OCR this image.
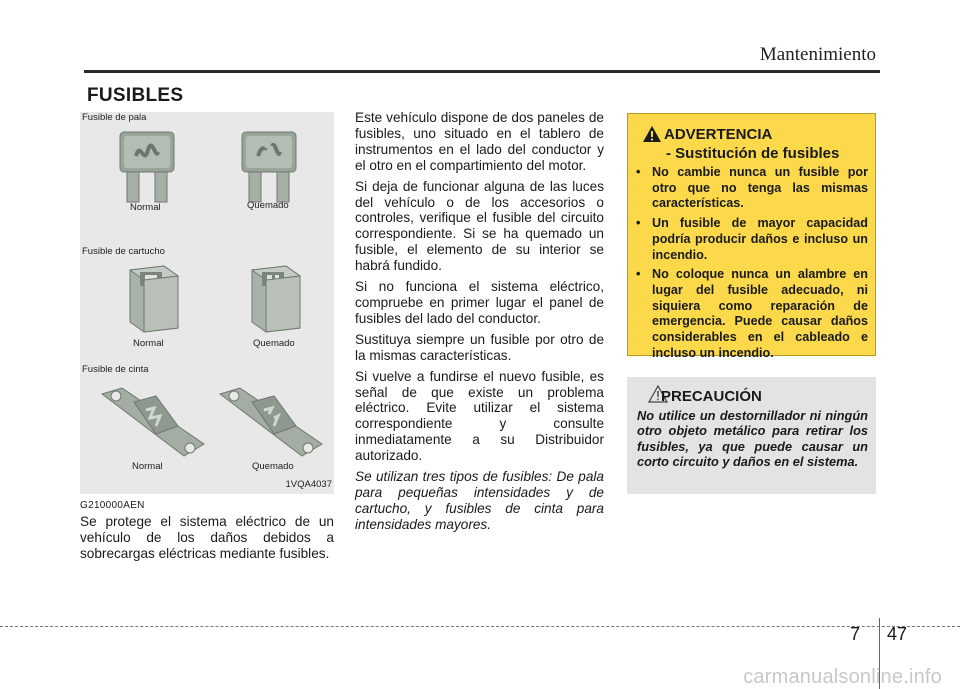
Mantenimiento
FUSIBLES
Fusible de pala
Fusible de cartucho
Fusible de cinta
Normal	Quemado
Normal	Quemado
Normal	Quemado
1VQA4037
G210000AEN
Se protege el sistema eléctrico de un vehículo de los daños debidos a sobrecargas eléctricas mediante fusibles.

Este vehículo dispone de dos paneles de fusibles, uno situado en el tablero de instrumentos en el lado del conductor y el otro en el compartimiento del motor.

Si deja de funcionar alguna de las luces del vehículo o de los accesorios o controles, verifique el fusible del circuito correspondiente. Si se ha quemado un fusible, el elemento de su interior se habrá fundido.

Si no funciona el sistema eléctrico, compruebe en primer lugar el panel de fusibles del lado del conductor.

Sustituya siempre un fusible por otro de la mismas características.

Si vuelve a fundirse el nuevo fusible, es señal de que existe un problema eléctrico. Evite utilizar el sistema correspondiente y consulte inmediatamente a su Distribuidor autorizado.

Se utilizan tres tipos de fusibles: De pala para pequeñas intensidades y de cartucho, y fusibles de cinta para intensidades mayores.

ADVERTENCIA
- Sustitución de fusibles
• No cambie nunca un fusible por otro que no tenga las mismas características.
• Un fusible de mayor capacidad podría producir daños e incluso un incendio.
• No coloque nunca un alambre en lugar del fusible adecuado, ni siquiera como reparación de emergencia. Puede causar daños considerables en el cableado e incluso un incendio.
PRECAUCIÓN
No utilice un destornillador ni ningún otro objeto metálico para retirar los fusibles, ya que puede causar un corto circuito y daños en el sistema.
7 47
carmanualsonline.info
